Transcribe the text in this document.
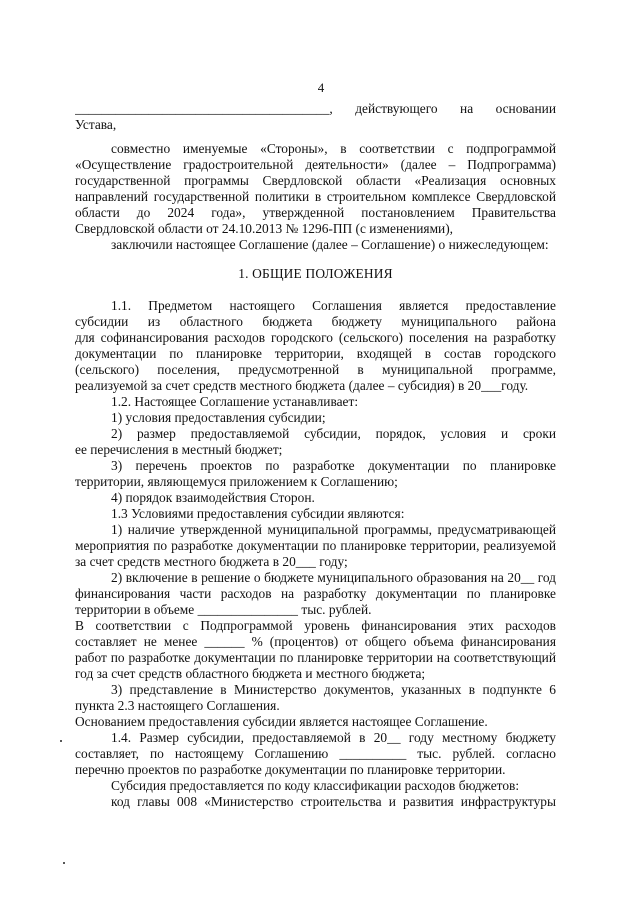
4
______________________________________, действующего на основании
Устава,
совместно именуемые «Стороны», в соответствии с подпрограммой
«Осуществление градостроительной деятельности» (далее – Подпрограмма)
государственной программы Свердловской области «Реализация основных
направлений государственной политики в строительном комплексе Свердловской
области до 2024 года», утвержденной постановлением Правительства
Свердловской области от 24.10.2013 № 1296-ПП (с изменениями),
заключили настоящее Соглашение (далее – Соглашение) о нижеследующем:
1. ОБЩИЕ ПОЛОЖЕНИЯ
1.1. Предметом настоящего Соглашения является предоставление
субсидии из областного бюджета бюджету муниципального района
для софинансирования расходов городского (сельского) поселения на разработку
документации по планировке территории, входящей в состав городского
(сельского) поселения, предусмотренной в муниципальной программе,
реализуемой за счет средств местного бюджета (далее – субсидия) в 20___году.
1.2. Настоящее Соглашение устанавливает:
1) условия предоставления субсидии;
2) размер предоставляемой субсидии, порядок, условия и сроки
ее перечисления в местный бюджет;
3) перечень проектов по разработке документации по планировке
территории, являющемуся приложением к Соглашению;
4) порядок взаимодействия Сторон.
1.3 Условиями предоставления субсидии являются:
1) наличие утвержденной муниципальной программы, предусматривающей
мероприятия по разработке документации по планировке территории, реализуемой
за счет средств местного бюджета в 20___ году;
2) включение в решение о бюджете муниципального образования на 20__ год
финансирования части расходов на разработку документации по планировке
территории в объеме _______________ тыс. рублей.
В соответствии с Подпрограммой уровень финансирования этих расходов
составляет не менее ______ % (процентов) от общего объема финансирования
работ по разработке документации по планировке территории на соответствующий
год за счет средств областного бюджета и местного бюджета;
3) представление в Министерство документов, указанных в подпункте 6
пункта 2.3 настоящего Соглашения.
Основанием предоставления субсидии является настоящее Соглашение.
1.4. Размер субсидии, предоставляемой в 20__ году местному бюджету
составляет, по настоящему Соглашению __________ тыс. рублей. согласно
перечню проектов по разработке документации по планировке территории.
Субсидия предоставляется по коду классификации расходов бюджетов:
код главы 008 «Министерство строительства и развития инфраструктуры
